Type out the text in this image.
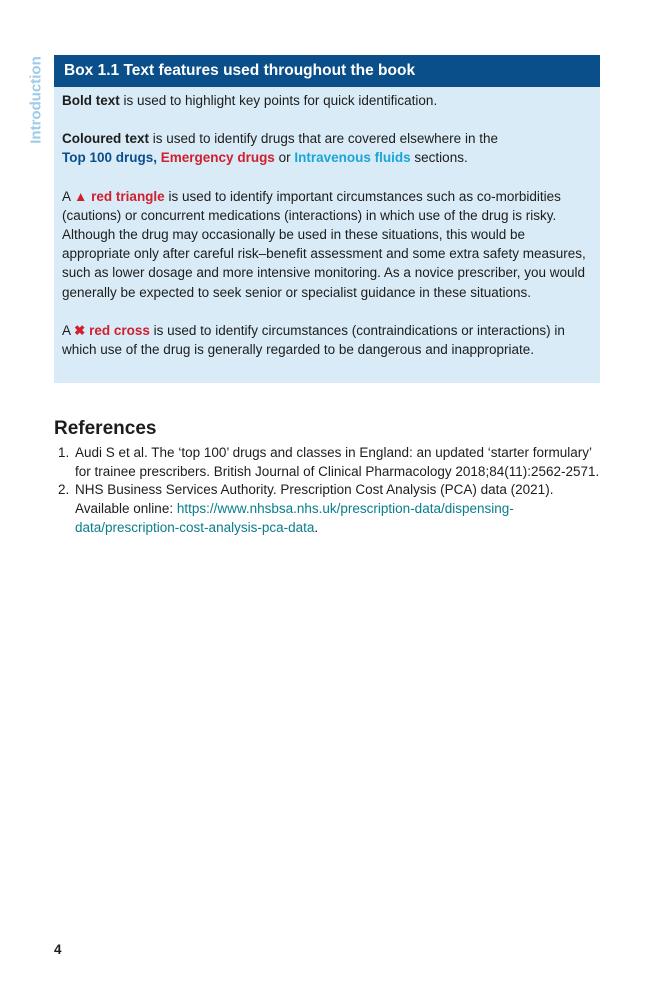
Introduction	Box 1.1 Text features used throughout the book

Bold text is used to highlight key points for quick identification.

Coloured text is used to identify drugs that are covered elsewhere in the
Top 100 drugs, Emergency drugs or Intravenous fluids sections.

A ▲ red triangle is used to identify important circumstances such as co-morbidities (cautions) or concurrent medications (interactions) in which use of the drug is risky. Although the drug may occasionally be used in these situations, this would be appropriate only after careful risk–benefit assessment and some extra safety measures, such as lower dosage and more intensive monitoring. As a novice prescriber, you would generally be expected to seek senior or specialist guidance in these situations.

A ✖ red cross is used to identify circumstances (contraindications or interactions) in which use of the drug is generally regarded to be dangerous and inappropriate.

References
1. Audi S et al. The ‘top 100’ drugs and classes in England: an updated ‘starter formulary’ for trainee prescribers. British Journal of Clinical Pharmacology 2018;84(11):2562-2571.
2. NHS Business Services Authority. Prescription Cost Analysis (PCA) data (2021). Available online: https://www.nhsbsa.nhs.uk/prescription-data/dispensing-data/prescription-cost-analysis-pca-data.
4
